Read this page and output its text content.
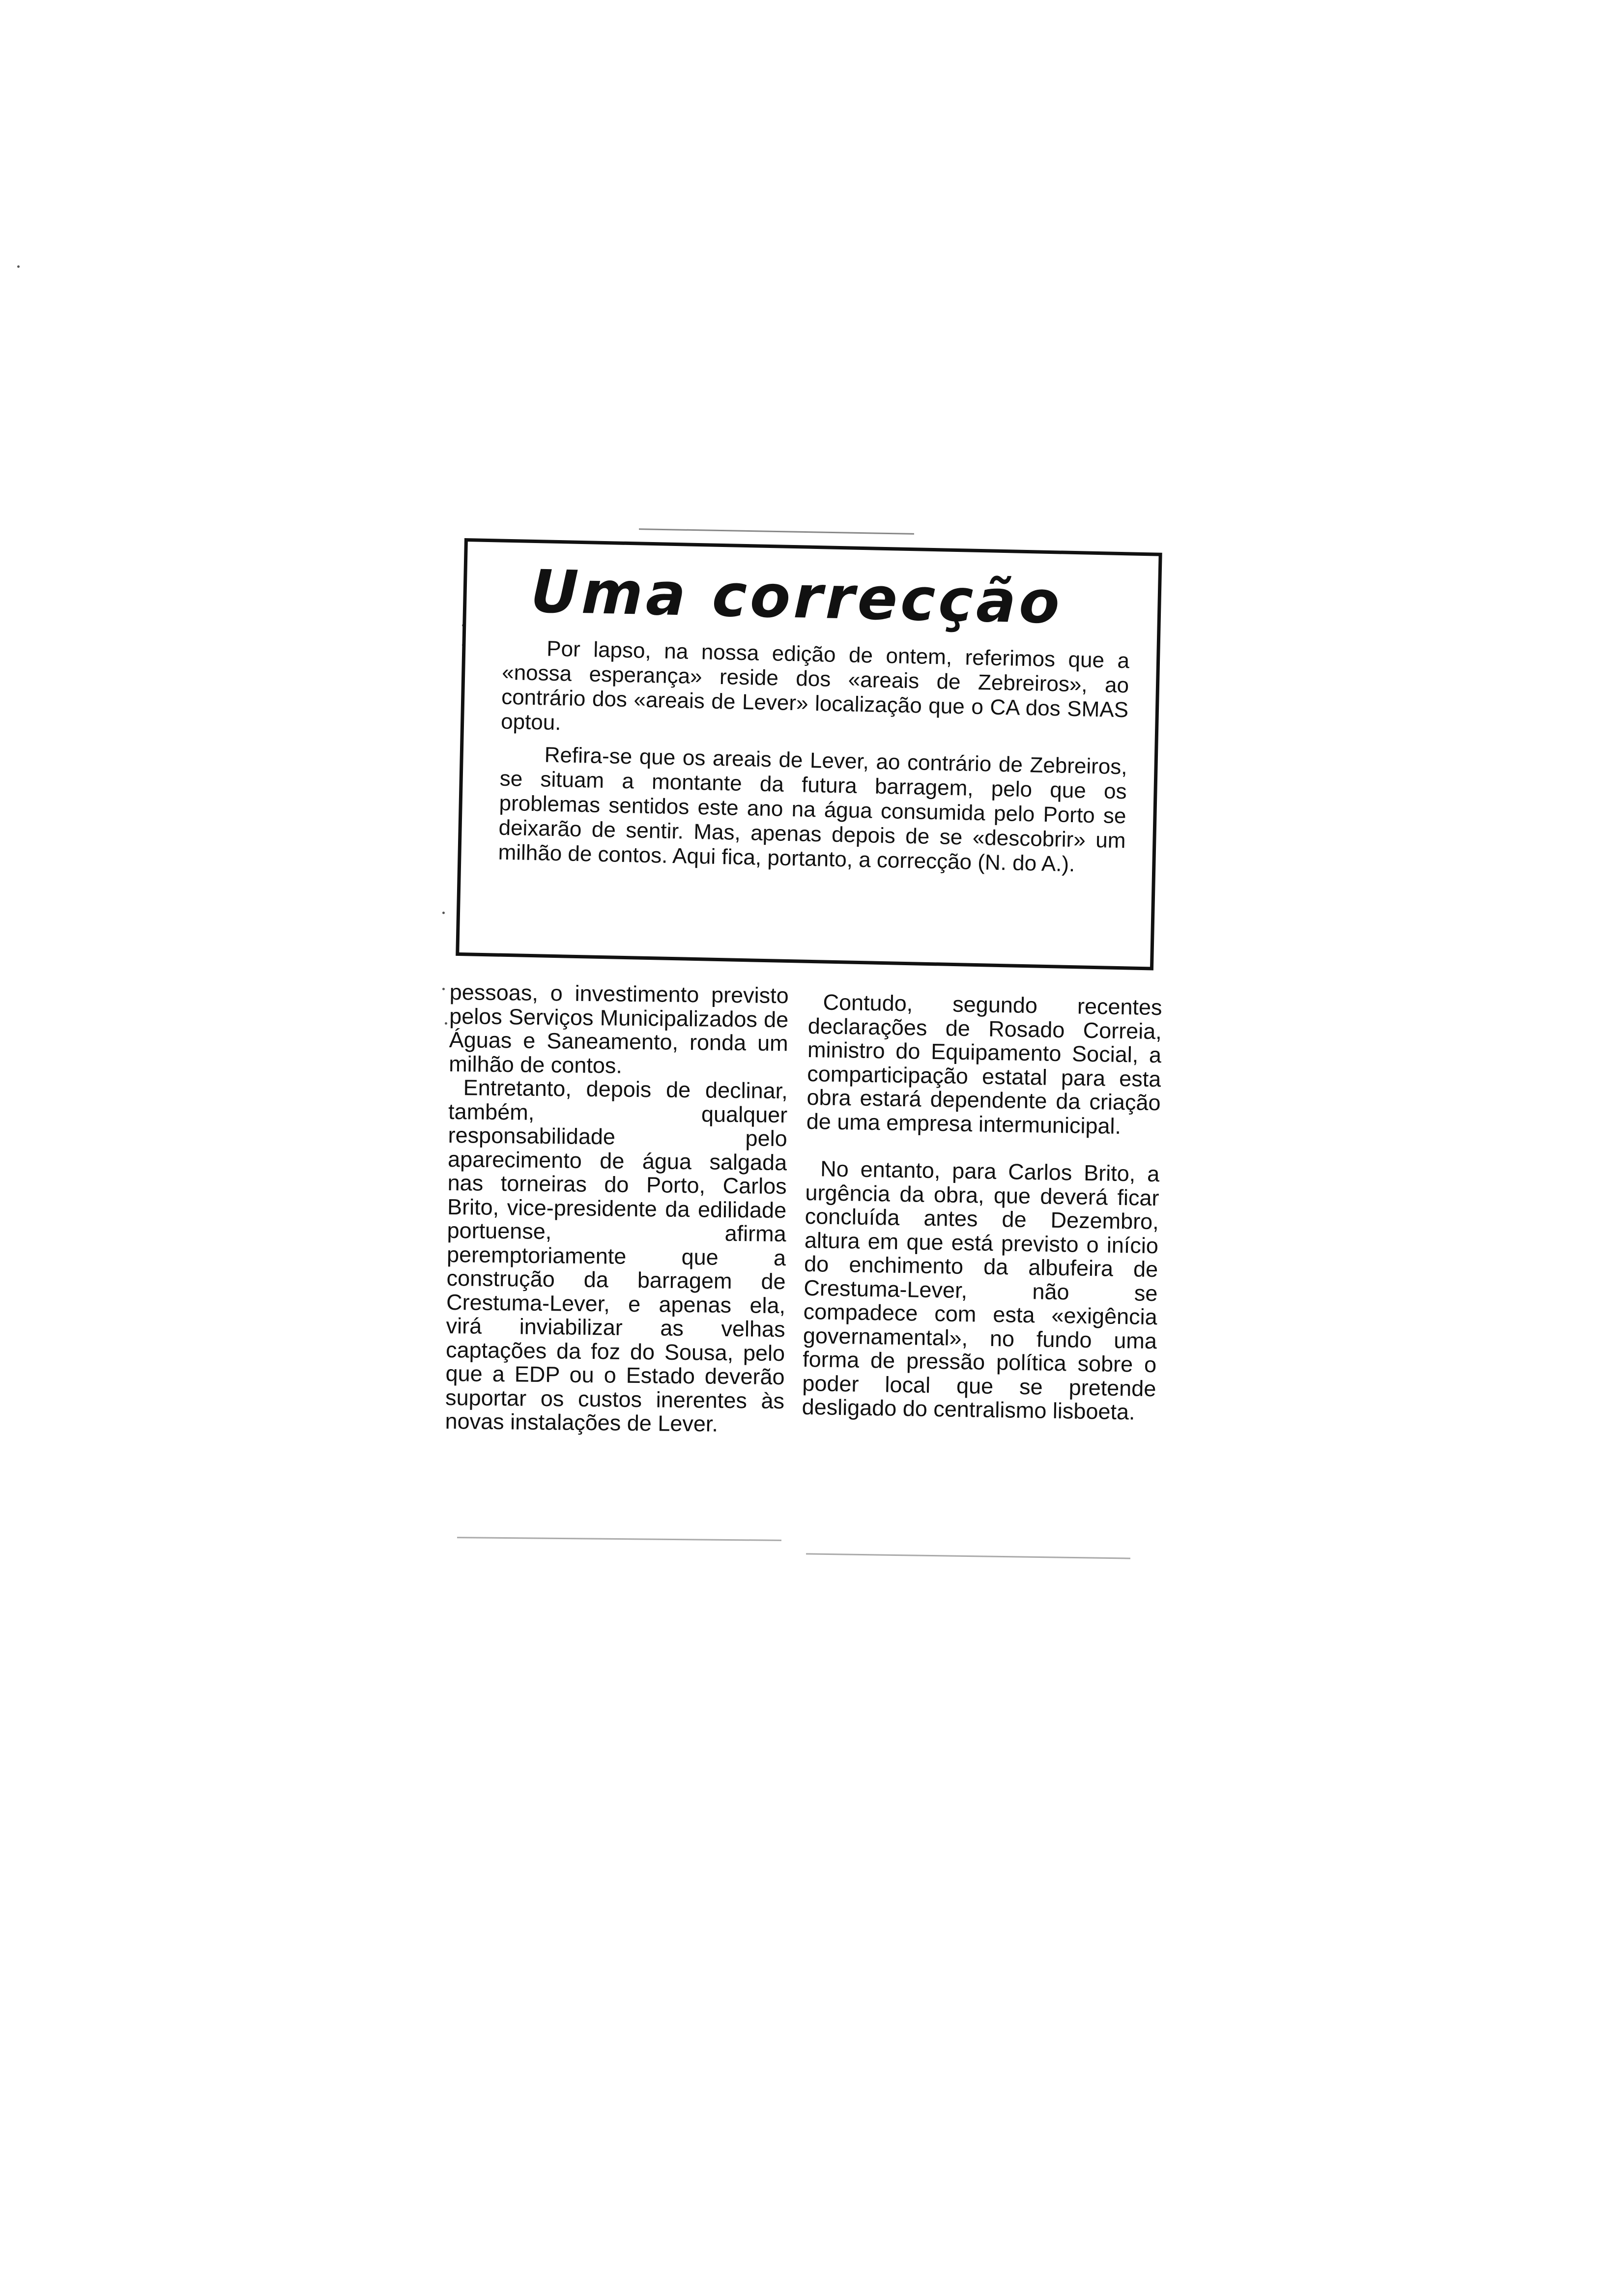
Uma correcção

Por lapso, na nossa edição de ontem, referimos que a «nossa esperança» reside dos «areais de Zebreiros», ao contrário dos «areais de Lever» localização que o CA dos SMAS optou.

Refira-se que os areais de Lever, ao contrário de Zebreiros, se situam a montante da futura barragem, pelo que os problemas sentidos este ano na água consumida pelo Porto se deixarão de sentir. Mas, apenas depois de se «descobrir» um milhão de contos. Aqui fica, portanto, a correcção (N. do A.).

pessoas, o investimento previsto pelos Serviços Municipalizados de Águas e Saneamento, ronda um milhão de contos.

Entretanto, depois de declinar, também, qualquer responsabilidade pelo aparecimento de água salgada nas torneiras do Porto, Carlos Brito, vice-presidente da edilidade portuense, afirma peremptoriamente que a construção da barragem de Crestuma-Lever, e apenas ela, virá inviabilizar as velhas captações da foz do Sousa, pelo que a EDP ou o Estado deverão suportar os custos inerentes às novas instalações de Lever.

Contudo, segundo recentes declarações de Rosado Correia, ministro do Equipamento Social, a comparticipação estatal para esta obra estará dependente da criação de uma empresa intermunicipal.

No entanto, para Carlos Brito, a urgência da obra, que deverá ficar concluída antes de Dezembro, altura em que está previsto o início do enchimento da albufeira de Crestuma-Lever, não se compadece com esta «exigência governamental», no fundo uma forma de pressão política sobre o poder local que se pretende desligado do centralismo lisboeta.
